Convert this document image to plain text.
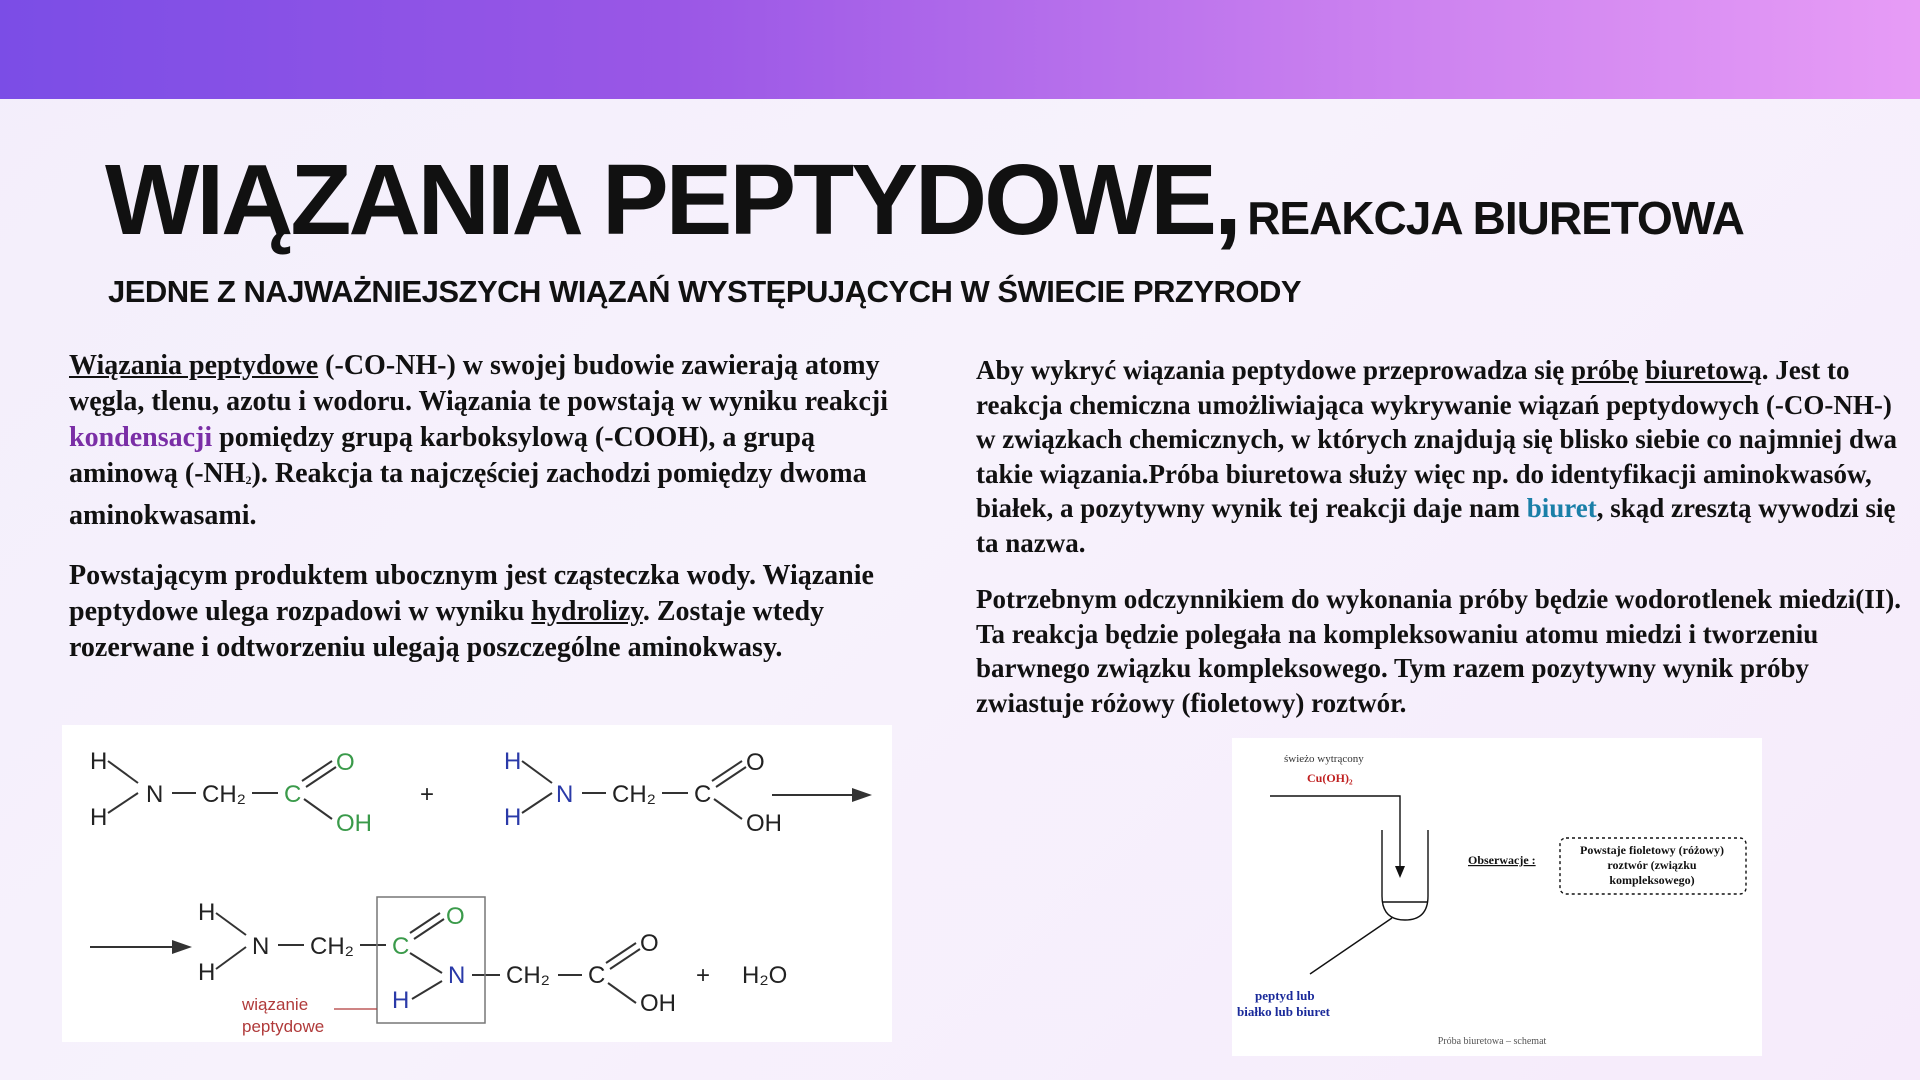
WIĄZANIA PEPTYDOWE, REAKCJA BIURETOWA
JEDNE Z NAJWAŻNIEJSZYCH WIĄZAŃ WYSTĘPUJĄCYCH W ŚWIECIE PRZYRODY

Wiązania peptydowe (-CO-NH-) w swojej budowie zawierają atomy węgla, tlenu, azotu i wodoru. Wiązania te powstają w wyniku reakcji kondensacji pomiędzy grupą karboksylową (-COOH), a grupą aminową $(-NH_2)$. Reakcja ta najczęściej zachodzi pomiędzy dwoma aminokwasami.

Powstającym produktem ubocznym jest cząsteczka wody. Wiązanie peptydowe ulega rozpadowi w wyniku hydrolizy. Zostaje wtedy rozerwane i odtworzeniu ulegają poszczególne aminokwasy.

Aby wykryć wiązania peptydowe przeprowadza się próbę biuretową. Jest to reakcja chemiczna umożliwiająca wykrywanie wiązań peptydowych (-CO-NH-) w związkach chemicznych, w których znajdują się blisko siebie co najmniej dwa takie wiązania.Próba biuretowa służy więc np. do identyfikacji aminokwasów, białek, a pozytywny wynik tej reakcji daje nam biuret, skąd zresztą wywodzi się ta nazwa.

Potrzebnym odczynnikiem do wykonania próby będzie wodorotlenek miedzi(II). Ta reakcja będzie polegała na kompleksowaniu atomu miedzi i tworzeniu barwnego związku kompleksowego. Tym razem pozytywny wynik próby zwiastuje różowy (fioletowy) roztwór.

H
H
N CH₂ C
O
OH
+
H
H
N CH₂ C
O
OH
H
H
N CH₂ C
O
N
H
CH₂ C
O
OH
+ H₂O
wiązanie
peptydowe
świeżo wytrącony
Cu(OH)₂
Obserwacje :
Powstaje fioletowy (różowy)
roztwór (związku
kompleksowego)
peptyd lub
białko lub biuret
Próba biuretowa – schemat
